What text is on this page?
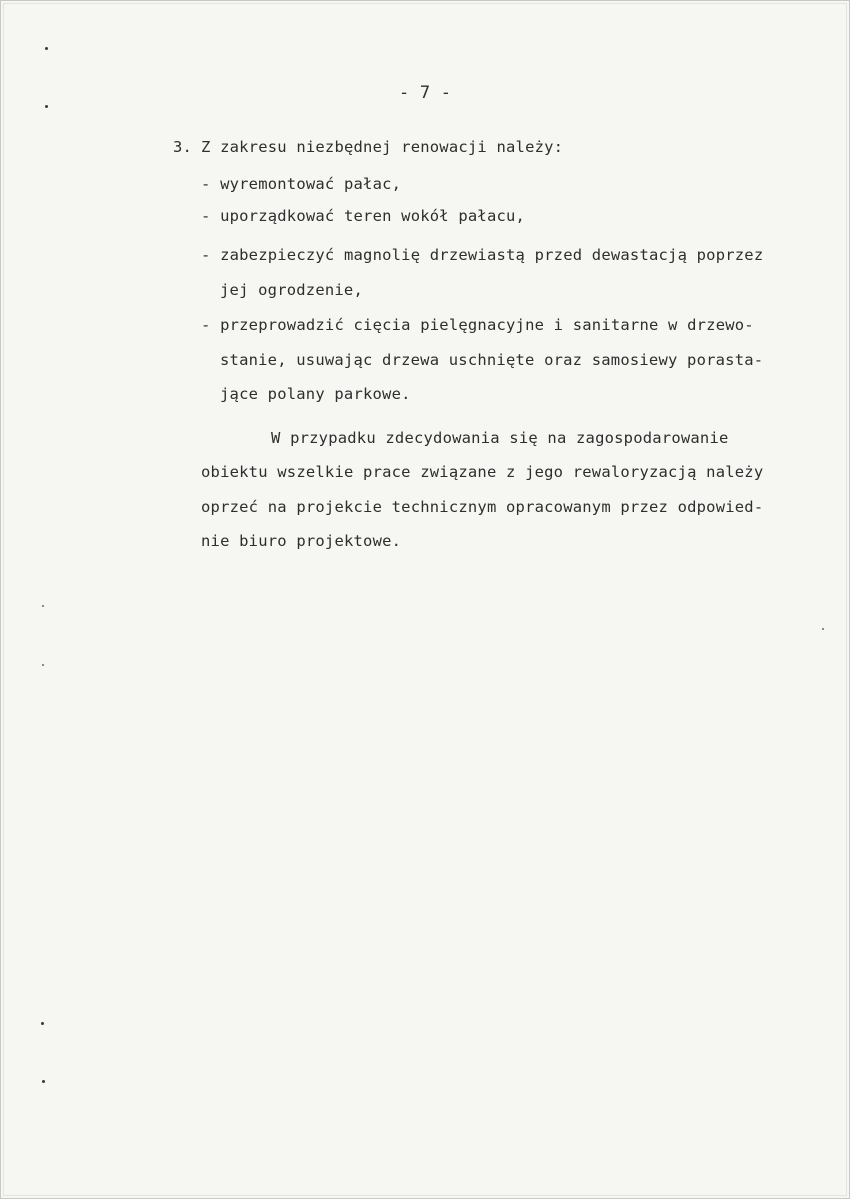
- 7 -
3. Z zakresu niezbędnej renowacji należy:
- wyremontować pałac,
- uporządkować teren wokół pałacu,
- zabezpieczyć magnolię drzewiastą przed dewastacją poprzez
jej ogrodzenie,
- przeprowadzić cięcia pielęgnacyjne i sanitarne w drzewo-
stanie, usuwając drzewa uschnięte oraz samosiewy porasta-
jące polany parkowe.
W przypadku zdecydowania się na zagospodarowanie
obiektu wszelkie prace związane z jego rewaloryzacją należy
oprzeć na projekcie technicznym opracowanym przez odpowied-
nie biuro projektowe.
